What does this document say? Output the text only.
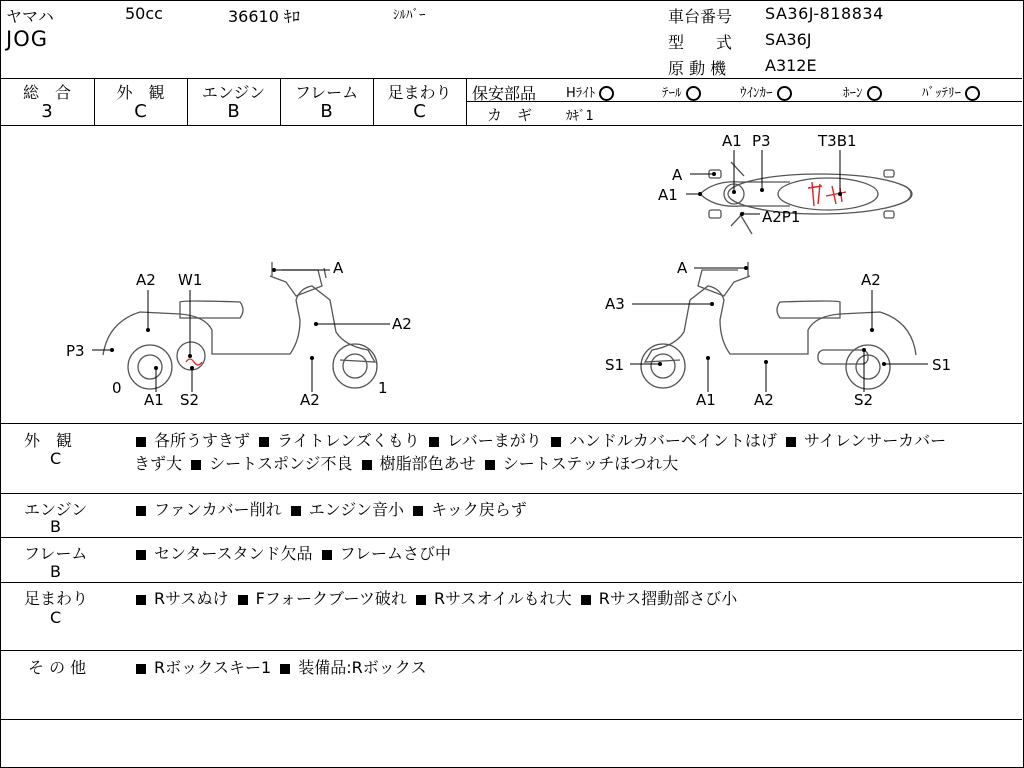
ヤマハ	50cc	36610 ｷﾛ	ｼﾙﾊﾞｰ
JOG
車台番号 SA36J-818834
型　　式 SA36J
原 動 機 A312E
総　合
3
外　観
C
エンジン
B
フレーム
B
足まわり
C
保安部品 Hﾗｲﾄ	ﾃｰﾙ	ｳｲﾝｶｰ	ﾎｰﾝ	ﾊﾞｯﾃﾘｰ
カ　ギ	ｶｷﾞ1
A
A1 P3	T3B1
A1
A2P1
A2 W1
A
A2
P3
0
A1 S2	A2
1
A
A2
A3
S1	S1
A1	A2	S2
外　観
C
各所うすきず ライトレンズくもり レバーまがり ハンドルカバーペイントはげ サイレンサーカバー
きず大 シートスポンジ不良 樹脂部色あせ シートステッチほつれ大
エンジン
B
ファンカバー削れ エンジン音小 キック戻らず
フレーム
B
センタースタンド欠品 フレームさび中
足まわり
C
Rサスぬけ Fフォークブーツ破れ Rサスオイルもれ大 Rサス摺動部さび小
そ の 他	Rボックスキー1 装備品:Rボックス
